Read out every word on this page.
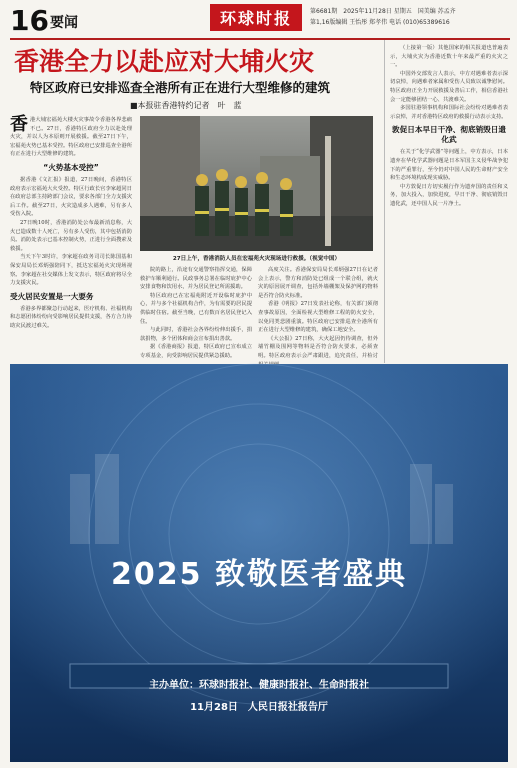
16 要闻	环球时报	第6681期　2025年11月28日 星期五　国美编 苏孟齐
第1,16版编辑 王怡彤 郑孝伟 电话 (010)65389616
香港全力以赴应对大埔火灾
特区政府已安排巡查全港所有正在进行大型维修的建筑
■本报驻香港特约记者　叶　蓝

香港大埔宏福苑大楼火灾事故令香港各界悲痛不已。27日，香港特区政府全力以赴处理火灾，并以人为本原则开展救援。截至27日下午，宏福苑火势已基本受控。特区政府已安排巡查全港所有正在进行大型维修的建筑。

“火势基本受控”

据香港《文汇报》报道，27日晚间，香港特区政府表示宏福苑大火受控。特区行政长官李家超同日在政府总部主持跨部门会议，要求各部门全力支援灾后工作。截至27日，火灾造成多人遇难，另有多人受伤入院。

27日晚10时，香港消防处公布最新消息称，大火已造成数十人死亡，另有多人受伤，其中包括消防员。消防处表示已基本控制火势，正进行全面搜索及救援。

当天下午3时许，李家超在政务司司长陈国基和保安局局长邓炳强陪同下，抵达宏福苑火灾现场视察。李家超在社交媒体上发文表示，特区政府将尽全力支援灾民。

受火居民安置是一大要务

香港多界都聚急行动起来，医疗机构、社福机构和志愿团体纷纷向受影响居民提供支援，各方合力协助灾民渡过难关。

27日上午，香港消防人员在宏福苑火灾现场进行救援。（视觉中国）

院的路上，沿途有交通警察指挥交通，保障救护车顺利通行。民政事务总署在临时庇护中心安排食物和饮用水，并为居民登记所需援助。

特区政府已在宏福苑附近开设临时庇护中心，并与多个社福机构合作，为有需要的居民提供临时住宿。截至当晚，已有数百名居民登记入住。

与此同时，香港社会各界纷纷伸出援手，捐款捐物，多个团体和商会宣布捐出善款。

据《香港商报》报道，特区政府已宣布成立专项基金，向受影响居民提供紧急援助。

高度关注。香港保安局局长邓炳强27日在记者会上表示，警方和消防处已组成一个联合组，就火灾的原因展开调查，包括外墙棚架及保护网的物料是否符合防火标准。

香港《明报》27日发表社论称，有关部门须彻查事故原因，全面检视大型维修工程的防火安全，以免同类悲剧重演。特区政府已安排巡查全港所有正在进行大型维修的建筑，确保工地安全。

《大公报》27日称，大火起因仍待调查，但外墙竹棚及围网等物料是否符合防火要求，必须查明。特区政府表示会严肃跟进，追究责任，并检讨

（上接第一版）其他国家的相关报道也普遍表示，大埔火灾为香港近数十年来最严重的火灾之一。

中国外交部发言人表示，中方对遇难者表示深切哀悼，向遇难者家属和受伤人员致以诚挚慰问。特区政府正全力开展救援及善后工作，相信香港社会一定能够团结一心、共渡难关。

多国驻港领事机构和国际社会纷纷对遇难者表示哀悼，并对香港特区政府的救援行动表示支持。

敦促日本早日干净、彻底销毁日遗化武

在关于“化学武器”等问题上，中方表示，日本遗弃在华化学武器问题是日本军国主义侵华战争犯下的严重罪行，至今仍对中国人民的生命财产安全和生态环境构成现实威胁。

中方敦促日方切实履行作为遗弃国的责任和义务，加大投入，加快进度，早日干净、彻底销毁日遗化武，还中国人民一片净土。

2025 致敬医者盛典
主办单位：环球时报社、健康时报社、生命时报社
11月28日　人民日报社报告厅
